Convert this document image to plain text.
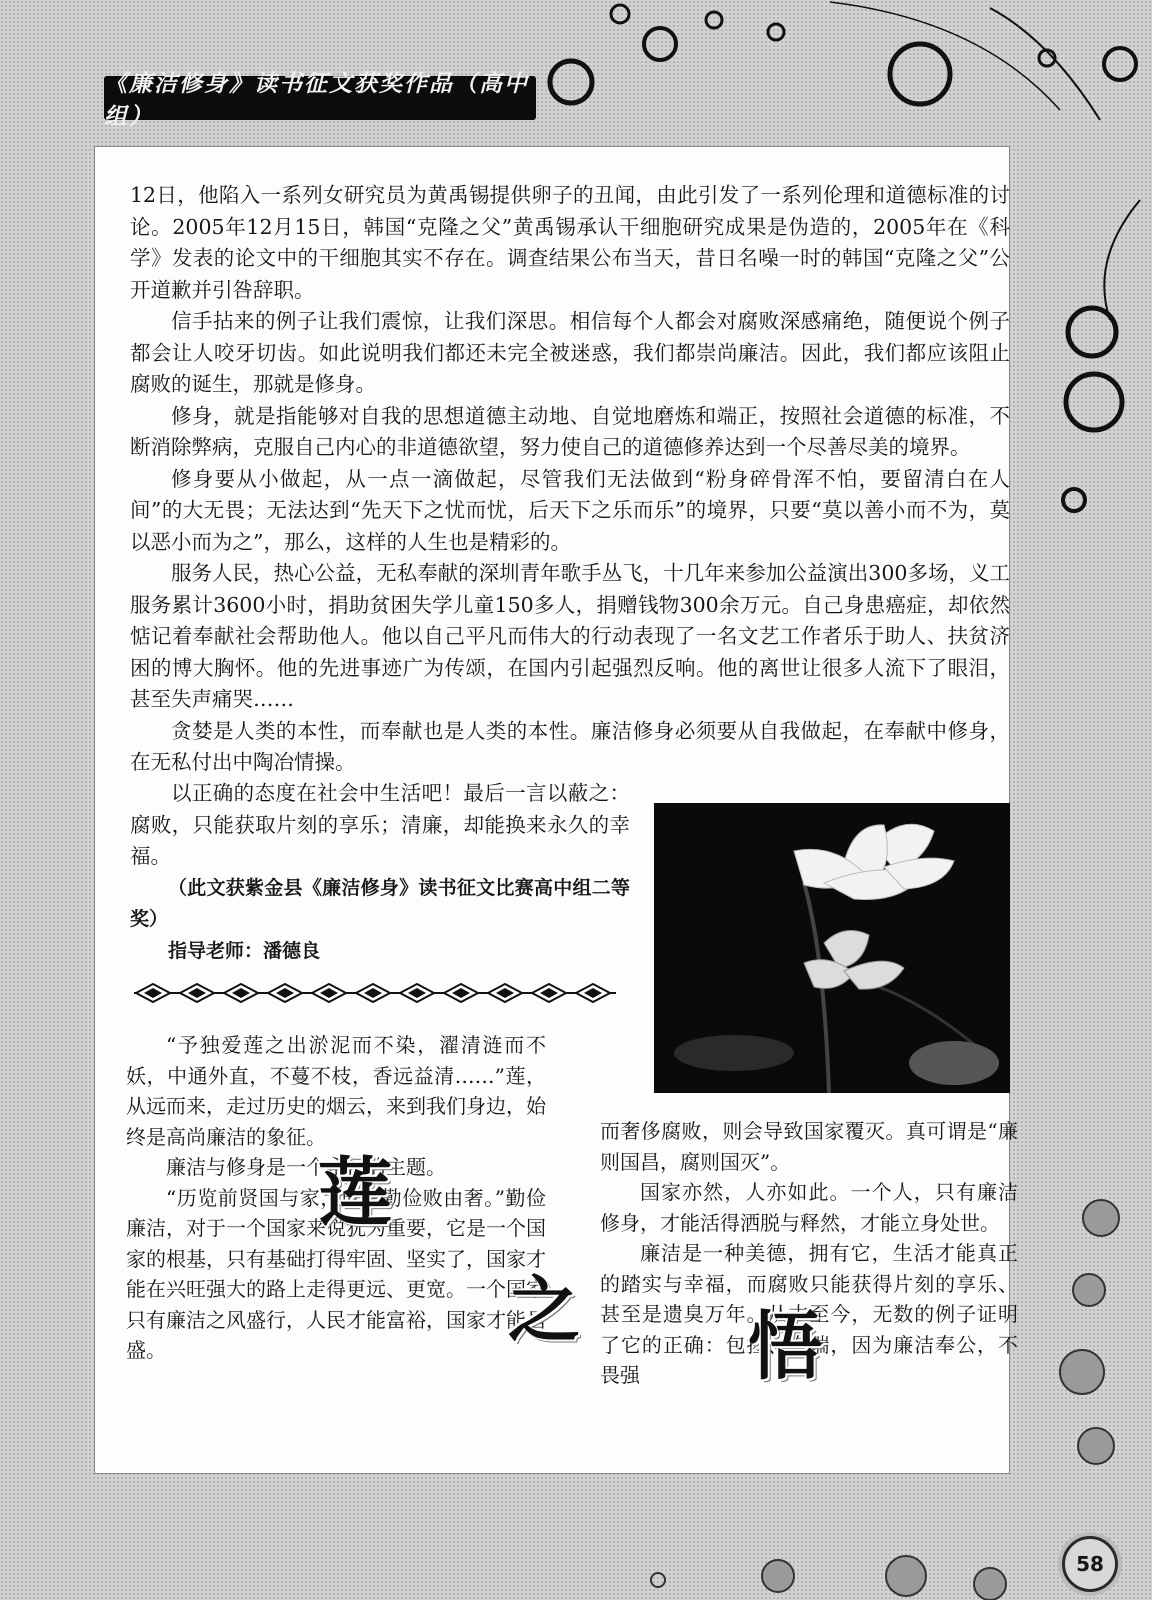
《廉洁修身》读书征文获奖作品（高中组）

12日，他陷入一系列女研究员为黄禹锡提供卵子的丑闻，由此引发了一系列伦理和道德标准的讨论。2005年12月15日，韩国“克隆之父”黄禹锡承认干细胞研究成果是伪造的，2005年在《科学》发表的论文中的干细胞其实不存在。调查结果公布当天，昔日名噪一时的韩国“克隆之父”公开道歉并引咎辞职。

信手拈来的例子让我们震惊，让我们深思。相信每个人都会对腐败深感痛绝，随便说个例子都会让人咬牙切齿。如此说明我们都还未完全被迷惑，我们都崇尚廉洁。因此，我们都应该阻止腐败的诞生，那就是修身。

修身，就是指能够对自我的思想道德主动地、自觉地磨炼和端正，按照社会道德的标准，不断消除弊病，克服自己内心的非道德欲望，努力使自己的道德修养达到一个尽善尽美的境界。

修身要从小做起，从一点一滴做起，尽管我们无法做到“粉身碎骨浑不怕，要留清白在人间”的大无畏；无法达到“先天下之忧而忧，后天下之乐而乐”的境界，只要“莫以善小而不为，莫以恶小而为之”，那么，这样的人生也是精彩的。

服务人民，热心公益，无私奉献的深圳青年歌手丛飞，十几年来参加公益演出300多场，义工服务累计3600小时，捐助贫困失学儿童150多人，捐赠钱物300余万元。自己身患癌症，却依然惦记着奉献社会帮助他人。他以自己平凡而伟大的行动表现了一名文艺工作者乐于助人、扶贫济困的博大胸怀。他的先进事迹广为传颂，在国内引起强烈反响。他的离世让很多人流下了眼泪，甚至失声痛哭……

贪婪是人类的本性，而奉献也是人类的本性。廉洁修身必须要从自我做起，在奉献中修身，在无私付出中陶冶情操。

以正确的态度在社会中生活吧！最后一言以蔽之：腐败，只能获取片刻的享乐；清廉，却能换来永久的幸福。

（此文获紫金县《廉洁修身》读书征文比赛高中组二等奖）

指导老师：潘德良

“予独爱莲之出淤泥而不染，濯清涟而不妖，中通外直，不蔓不枝，香远益清……”莲，从远而来，走过历史的烟云，来到我们身边，始终是高尚廉洁的象征。

廉洁与修身是一个永恒的主题。

“历览前贤国与家，成由勤俭败由奢。”勤俭廉洁，对于一个国家来说犹为重要，它是一个国家的根基，只有基础打得牢固、坚实了，国家才能在兴旺强大的路上走得更远、更宽。一个国家只有廉洁之风盛行，人民才能富裕，国家才能昌盛。

而奢侈腐败，则会导致国家覆灭。真可谓是“廉则国昌，腐则国灭”。

国家亦然，人亦如此。一个人，只有廉洁修身，才能活得洒脱与释然，才能立身处世。

廉洁是一种美德，拥有它，生活才能真正的踏实与幸福，而腐败只能获得片刻的享乐、甚至是遗臭万年。从古至今，无数的例子证明了它的正确：包拯、海瑞，因为廉洁奉公，不畏强

莲
之 悟
58
